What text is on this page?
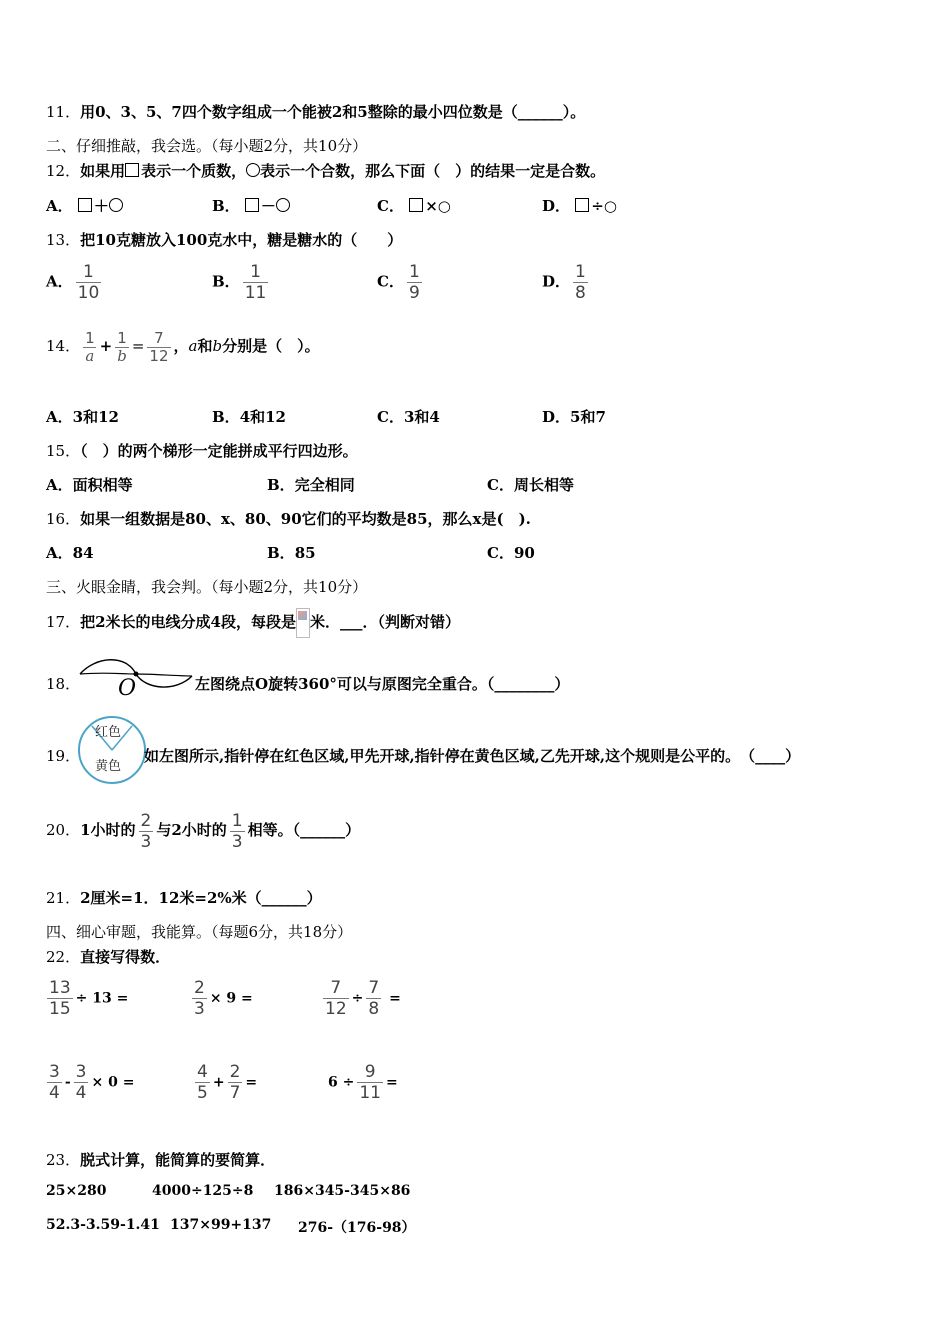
11．用0、3、5、7四个数字组成一个能被2和5整除的最小四位数是（______）。
二、仔细推敲，我会选。（每小题2分，共10分）
12．如果用 表示一个质数， 表示一个合数，那么下面（　）的结果一定是合数。
A． ＋	B． －	C． ×○	D． ÷○
13．把10克糖放入100克水中，糖是糖水的（　　）
A． $\frac{1}{10}$	B． $\frac{1}{11}$	C． $\frac{1}{9}$	D． $\frac{1}{8}$
14． $\frac{1}{a} + \frac{1}{b} = \frac{7}{12}$ ，a和b分别是（　）。
A．3和12	B．4和12	C．3和4	D．5和7
15．（　）的两个梯形一定能拼成平行四边形。
A．面积相等	B．完全相同	C．周长相等
16．如果一组数据是80、x、80、90它们的平均数是85，那么x是(　).
A．84	B．85	C．90
三、火眼金睛，我会判。（每小题2分，共10分）
17．把2米长的电线分成4段，每段是 米．___．（判断对错）
18． O	左图绕点O旋转360°可以与原图完全重合。（________）
19．
红色
黄色
如左图所示,指针停在红色区域,甲先开球,指针停在黄色区域,乙先开球,这个规则是公平的。　（____）
20．1小时的 $\frac{2}{3}$ 与2小时的 $\frac{1}{3}$ 相等。（______）
21．2厘米=1．12米=2%米（______）
四、细心审题，我能算。（每题6分，共18分）
22．直接写得数．
$\frac{13}{15} \div 13$ =	$\frac{2}{3} \times 9$ =	$\frac{7}{12} \div \frac{7}{8}$ =
$\frac{3}{4} - \frac{3}{4} \times 0$ =	$\frac{4}{5} + \frac{2}{7}$ =	$6 \div \frac{9}{11}$ =
23．脱式计算，能简算的要简算．
25×280	4000÷125÷8 186×345-345×86
52.3-3.59-1.41 137×99+137 276-（176-98）
